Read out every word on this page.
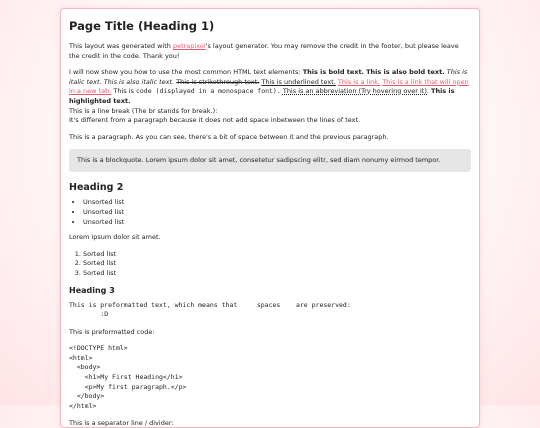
Page Title (Heading 1)

This layout was generated with petrapixel's layout generator. You may remove the credit in the footer, but please leave the credit in the code. Thank you!

I will now show you how to use the most common HTML text elements: This is bold text. This is also bold text. This is italic text. This is also italic text. This is strikethrough text. This is underlined text. This is a link. This is a link that will open in a new tab. This is code (displayed in a monospace font). This is an abbreviation (Try hovering over it). This is highlighted text.
This is a line break (The br stands for break.):
It's different from a paragraph because it does not add space inbetween the lines of text.

This is a paragraph. As you can see, there's a bit of space between it and the previous paragraph.

This is a blockquote. Lorem ipsum dolor sit amet, consetetur sadipscing elitr, sed diam nonumy eirmod tempor.
Heading 2
• Unsorted list
• Unsorted list
• Unsorted list

Lorem ipsum dolor sit amet.

1. Sorted list
2. Sorted list
3. Sorted list
Heading 3
This is preformatted text, which means that     spaces    are preserved:
:D

This is preformatted code:

<!DOCTYPE html>
<html>
<body>
<h1>My First Heading</h1>
<p>My first paragraph.</p>
</body>
</html>

This is a separator line / divider:
